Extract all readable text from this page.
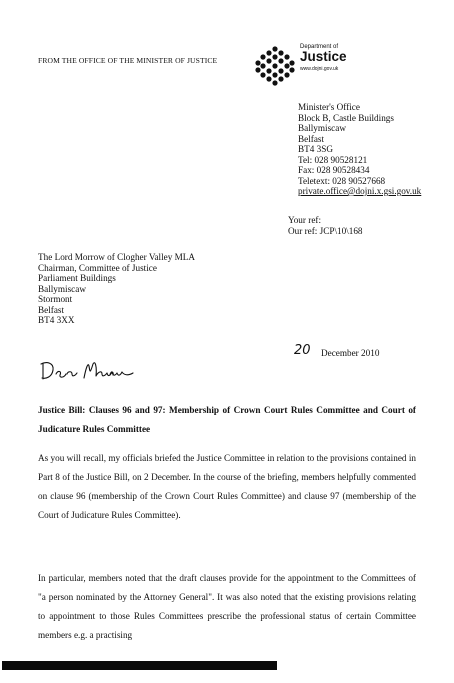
FROM THE OFFICE OF THE MINISTER OF JUSTICE
Department of
Justice
www.dojni.gov.uk
Minister's Office
Block B, Castle Buildings
Ballymiscaw
Belfast
BT4 3SG
Tel: 028 90528121
Fax: 028 90528434
Teletext: 028 90527668
private.office@dojni.x.gsi.gov.uk
Your ref:
Our ref: JCP\10\168
The Lord Morrow of Clogher Valley MLA
Chairman, Committee of Justice
Parliament Buildings
Ballymiscaw
Stormont
Belfast
BT4 3XX
20 December 2010
Justice Bill: Clauses 96 and 97: Membership of Crown Court Rules Committee and Court of Judicature Rules Committee
As you will recall, my officials briefed the Justice Committee in relation to the provisions contained in Part 8 of the Justice Bill, on 2 December. In the course of the briefing, members helpfully commented on clause 96 (membership of the Crown Court Rules Committee) and clause 97 (membership of the Court of Judicature Rules Committee).
In particular, members noted that the draft clauses provide for the appointment to the Committees of "a person nominated by the Attorney General". It was also noted that the existing provisions relating to appointment to those Rules Committees prescribe the professional status of certain Committee members e.g. a practising
